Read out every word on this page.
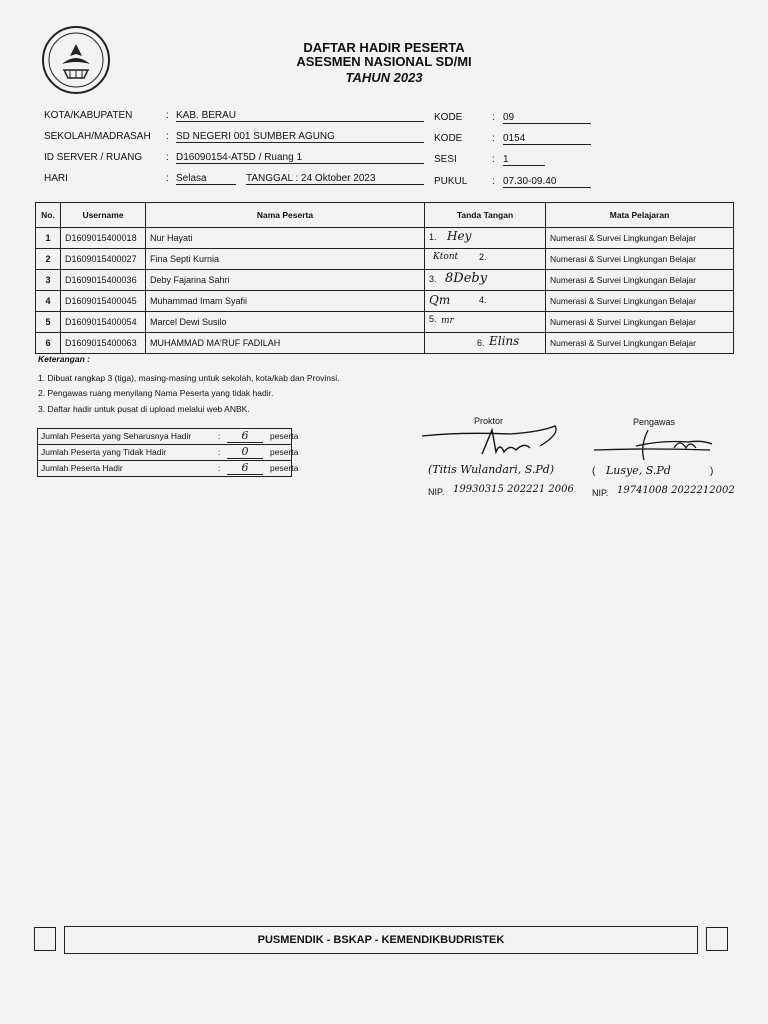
DAFTAR HADIR PESERTA
ASESMEN NASIONAL SD/MI
TAHUN 2023
KOTA/KABUPATEN	: KAB. BERAU
SEKOLAH/MADRASAH : SD NEGERI 001 SUMBER AGUNG
ID SERVER / RUANG : D16090154-AT5D / Ruang 1
HARI	: Selasa	TANGGAL : 24 Oktober 2023
KODE	: 09
KODE	: 0154
SESI	: 1
PUKUL : 07.30-09.40
No.	Username	Nama Peserta	Tanda Tangan	Mata Pelajaran
1	D1609015400018	Nur Hayati	1. Hey	Numerasi & Survei Lingkungan Belajar
2	D1609015400027	Fina Septi Kurnia	Ktont 2.	Numerasi & Survei Lingkungan Belajar
3	D1609015400036	Deby Fajarina Sahri	3. 8Deby	Numerasi & Survei Lingkungan Belajar
4	D1609015400045	Muhammad Imam Syafii	Qm 4.	Numerasi & Survei Lingkungan Belajar
5	D1609015400054	Marcel Dewi Susilo	5. mr	Numerasi & Survei Lingkungan Belajar
6	D1609015400063	MUHAMMAD MA'RUF FADILAH	6. Elins	Numerasi & Survei Lingkungan Belajar
Keterangan :
1. Dibuat rangkap 3 (tiga), masing-masing untuk sekolah, kota/kab dan Provinsi.
2. Pengawas ruang menyilang Nama Peserta yang tidak hadir.
3. Daftar hadir untuk pusat di upload melalui web ANBK.
Jumlah Peserta yang Seharusnya Hadir	:	6	peserta
Jumlah Peserta yang Tidak Hadir	:	0	peserta
Jumlah Peserta Hadir	:	6	peserta
Proktor
(Titis Wulandari, S.Pd)
NIP. 19930315 202221 2006
Pengawas
( Lusye, S.Pd	)
NIP. 19741008 2022212002
PUSMENDIK - BSKAP - KEMENDIKBUDRISTEK
